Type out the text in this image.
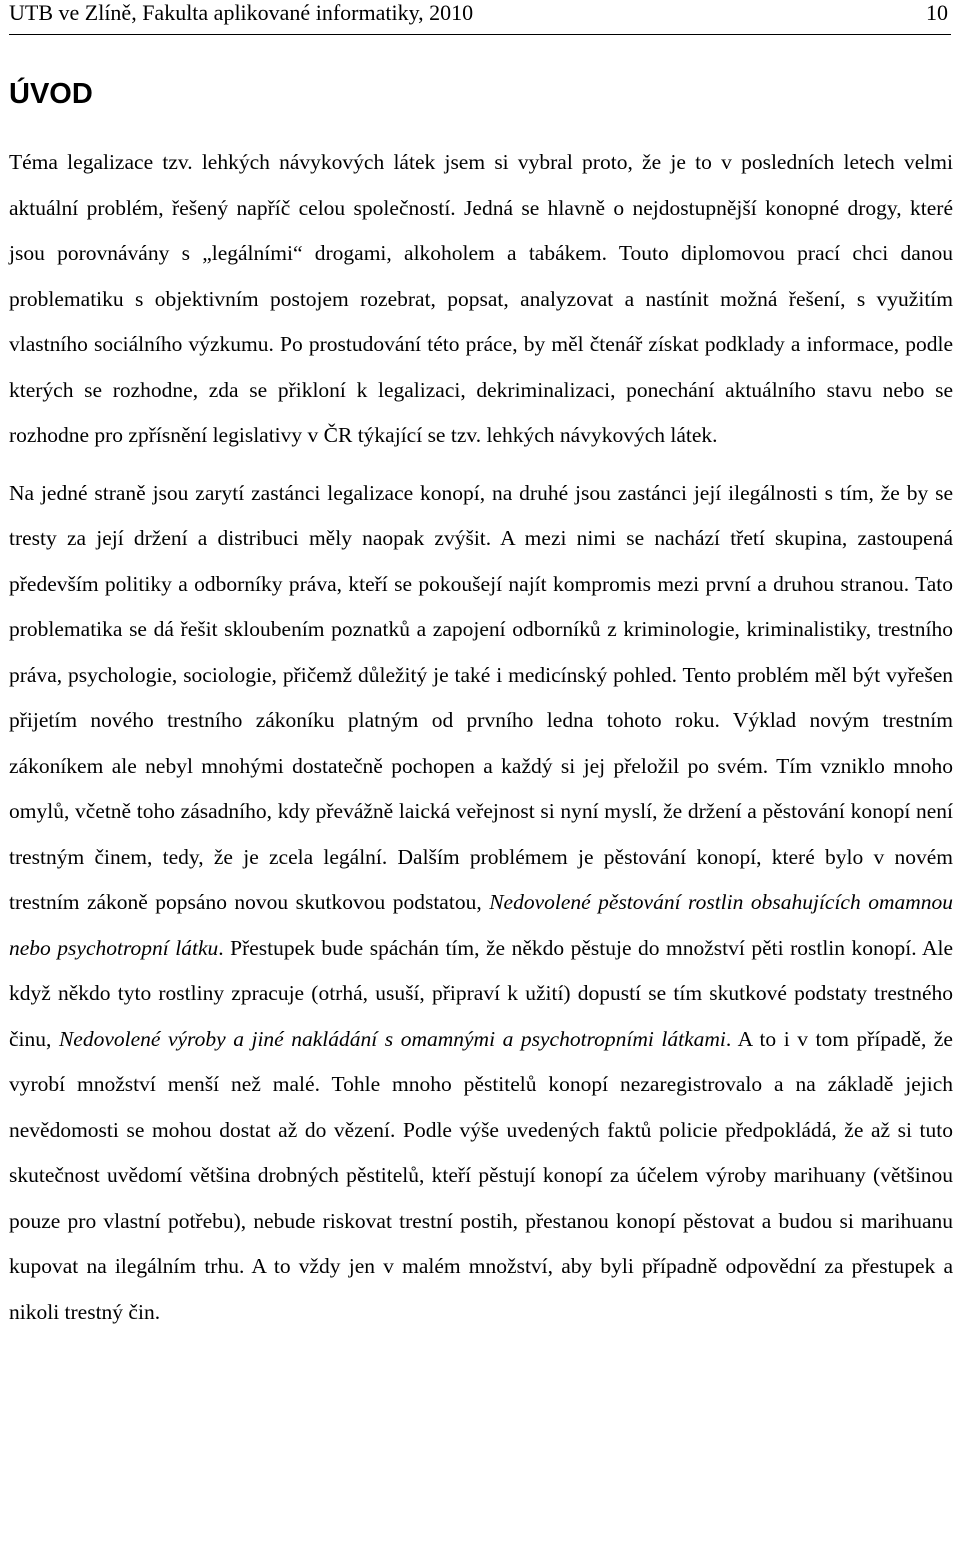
UTB ve Zlíně, Fakulta aplikované informatiky, 2010	10
ÚVOD

Téma legalizace tzv. lehkých návykových látek jsem si vybral proto, že je to v posledních letech velmi aktuální problém, řešený napříč celou společností. Jedná se hlavně o nejdostupnější konopné drogy, které jsou porovnávány s „legálními“ drogami, alkoholem a tabákem. Touto diplomovou prací chci danou problematiku s objektivním postojem rozebrat, popsat, analyzovat a nastínit možná řešení, s využitím vlastního sociálního výzkumu. Po prostudování této práce, by měl čtenář získat podklady a informace, podle kterých se rozhodne, zda se přikloní k legalizaci, dekriminalizaci, ponechání aktuálního stavu nebo se rozhodne pro zpřísnění legislativy v ČR týkající se tzv. lehkých návykových látek.

Na jedné straně jsou zarytí zastánci legalizace konopí, na druhé jsou zastánci její ilegálnosti s tím, že by se tresty za její držení a distribuci měly naopak zvýšit. A mezi nimi se nachází třetí skupina, zastoupená především politiky a odborníky práva, kteří se pokoušejí najít kompromis mezi první a druhou stranou. Tato problematika se dá řešit skloubením poznatků a zapojení odborníků z kriminologie, kriminalistiky, trestního práva, psychologie, sociologie, přičemž důležitý je také i medicínský pohled. Tento problém měl být vyřešen přijetím nového trestního zákoníku platným od prvního ledna tohoto roku. Výklad novým trestním zákoníkem ale nebyl mnohými dostatečně pochopen a každý si jej přeložil po svém. Tím vzniklo mnoho omylů, včetně toho zásadního, kdy převážně laická veřejnost si nyní myslí, že držení a pěstování konopí není trestným činem, tedy, že je zcela legální. Dalším problémem je pěstování konopí, které bylo v novém trestním zákoně popsáno novou skutkovou podstatou, Nedovolené pěstování rostlin obsahujících omamnou nebo psychotropní látku. Přestupek bude spáchán tím, že někdo pěstuje do množství pěti rostlin konopí. Ale když někdo tyto rostliny zpracuje (otrhá, usuší, připraví k užití) dopustí se tím skutkové podstaty trestného činu, Nedovolené výroby a jiné nakládání s omamnými a psychotropními látkami. A to i v tom případě, že vyrobí množství menší než malé. Tohle mnoho pěstitelů konopí nezaregistrovalo a na základě jejich nevědomosti se mohou dostat až do vězení. Podle výše uvedených faktů policie předpokládá, že až si tuto skutečnost uvědomí většina drobných pěstitelů, kteří pěstují konopí za účelem výroby marihuany (většinou pouze pro vlastní potřebu), nebude riskovat trestní postih, přestanou konopí pěstovat a budou si marihuanu kupovat na ilegálním trhu. A to vždy jen v malém množství, aby byli případně odpovědní za přestupek a nikoli trestný čin.
